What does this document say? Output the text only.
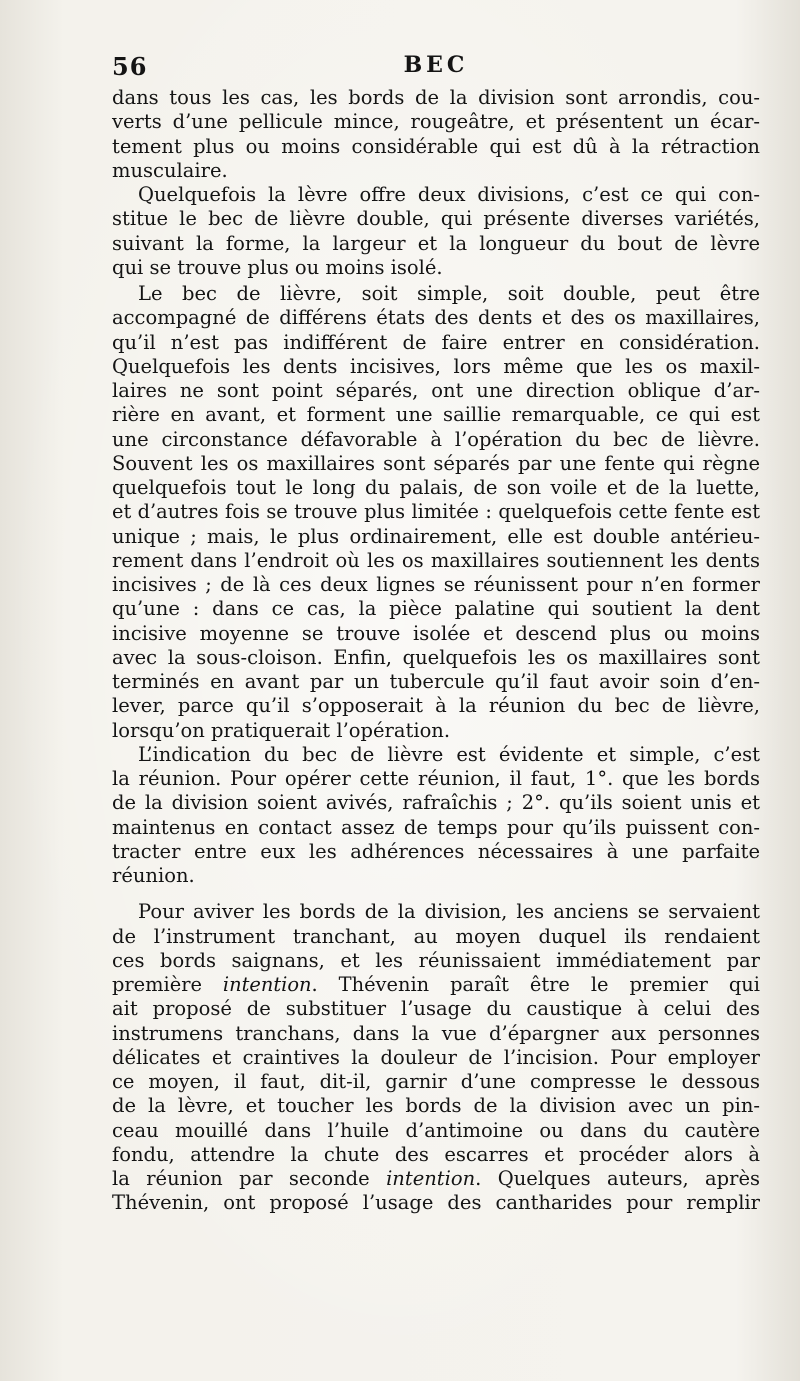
56	BEC
dans tous les cas, les bords de la division sont arrondis, cou-
verts d’une pellicule mince, rougeâtre, et présentent un écar-
tement plus ou moins considérable qui est dû à la rétraction
musculaire.
Quelquefois la lèvre offre deux divisions, c’est ce qui con-
stitue le bec de lièvre double, qui présente diverses variétés,
suivant la forme, la largeur et la longueur du bout de lèvre
qui se trouve plus ou moins isolé.
Le bec de lièvre, soit simple, soit double, peut être
accompagné de différens états des dents et des os maxillaires,
qu’il n’est pas indifférent de faire entrer en considération.
Quelquefois les dents incisives, lors même que les os maxil-
laires ne sont point séparés, ont une direction oblique d’ar-
rière en avant, et forment une saillie remarquable, ce qui est
une circonstance défavorable à l’opération du bec de lièvre.
Souvent les os maxillaires sont séparés par une fente qui règne
quelquefois tout le long du palais, de son voile et de la luette,
et d’autres fois se trouve plus limitée : quelquefois cette fente est
unique ; mais, le plus ordinairement, elle est double antérieu-
rement dans l’endroit où les os maxillaires soutiennent les dents
incisives ; de là ces deux lignes se réunissent pour n’en former
qu’une : dans ce cas, la pièce palatine qui soutient la dent
incisive moyenne se trouve isolée et descend plus ou moins
avec la sous-cloison. Enfin, quelquefois les os maxillaires sont
terminés en avant par un tubercule qu’il faut avoir soin d’en-
lever, parce qu’il s’opposerait à la réunion du bec de lièvre,
lorsqu’on pratiquerait l’opération.
L’indication du bec de lièvre est évidente et simple, c’est
la réunion. Pour opérer cette réunion, il faut, 1°. que les bords
de la division soient avivés, rafraîchis ; 2°. qu’ils soient unis et
maintenus en contact assez de temps pour qu’ils puissent con-
tracter entre eux les adhérences nécessaires à une parfaite
réunion.
Pour aviver les bords de la division, les anciens se servaient
de l’instrument tranchant, au moyen duquel ils rendaient
ces bords saignans, et les réunissaient immédiatement par
première intention. Thévenin paraît être le premier qui
ait proposé de substituer l’usage du caustique à celui des
instrumens tranchans, dans la vue d’épargner aux personnes
délicates et craintives la douleur de l’incision. Pour employer
ce moyen, il faut, dit-il, garnir d’une compresse le dessous
de la lèvre, et toucher les bords de la division avec un pin-
ceau mouillé dans l’huile d’antimoine ou dans du cautère
fondu, attendre la chute des escarres et procéder alors à
la réunion par seconde intention. Quelques auteurs, après
Thévenin, ont proposé l’usage des cantharides pour remplir
